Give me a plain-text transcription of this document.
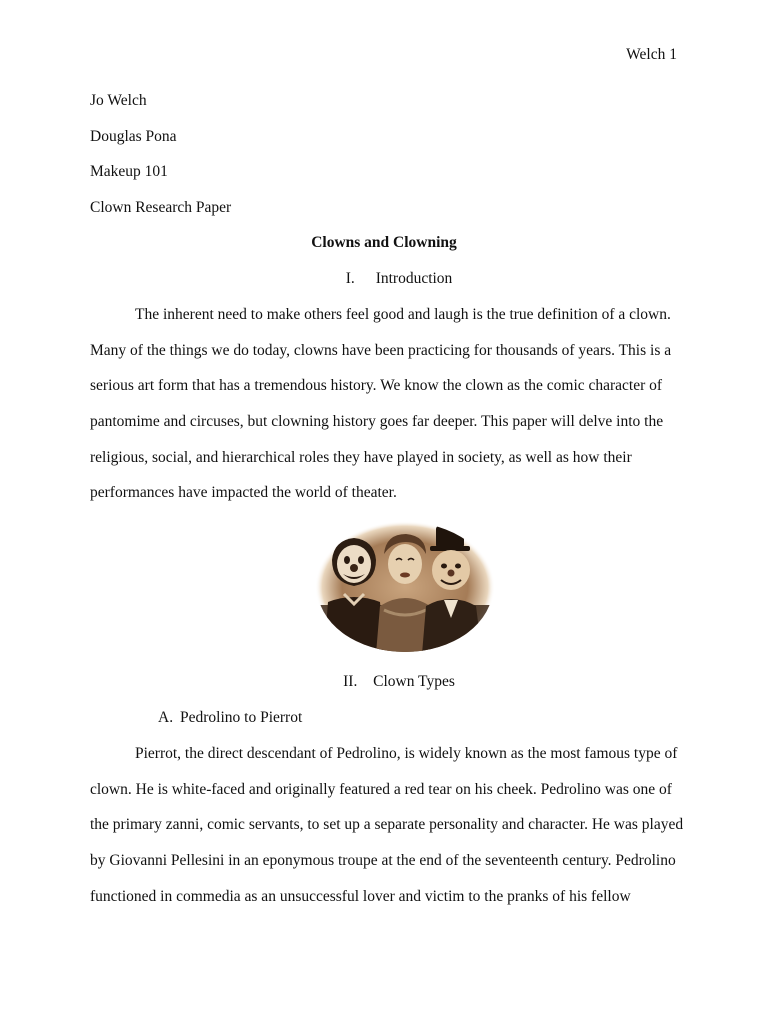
Welch 1
Jo Welch
Douglas Pona
Makeup 101
Clown Research Paper
Clowns and Clowning
I. Introduction
The inherent need to make others feel good and laugh is the true definition of a clown.
Many of the things we do today, clowns have been practicing for thousands of years. This is a
serious art form that has a tremendous history. We know the clown as the comic character of
pantomime and circuses, but clowning history goes far deeper. This paper will delve into the
religious, social, and hierarchical roles they have played in society, as well as how their
performances have impacted the world of theater.
II. Clown Types
A. Pedrolino to Pierrot
Pierrot, the direct descendant of Pedrolino, is widely known as the most famous type of
clown. He is white-faced and originally featured a red tear on his cheek. Pedrolino was one of
the primary zanni, comic servants, to set up a separate personality and character. He was played
by Giovanni Pellesini in an eponymous troupe at the end of the seventeenth century. Pedrolino
functioned in commedia as an unsuccessful lover and victim to the pranks of his fellow
